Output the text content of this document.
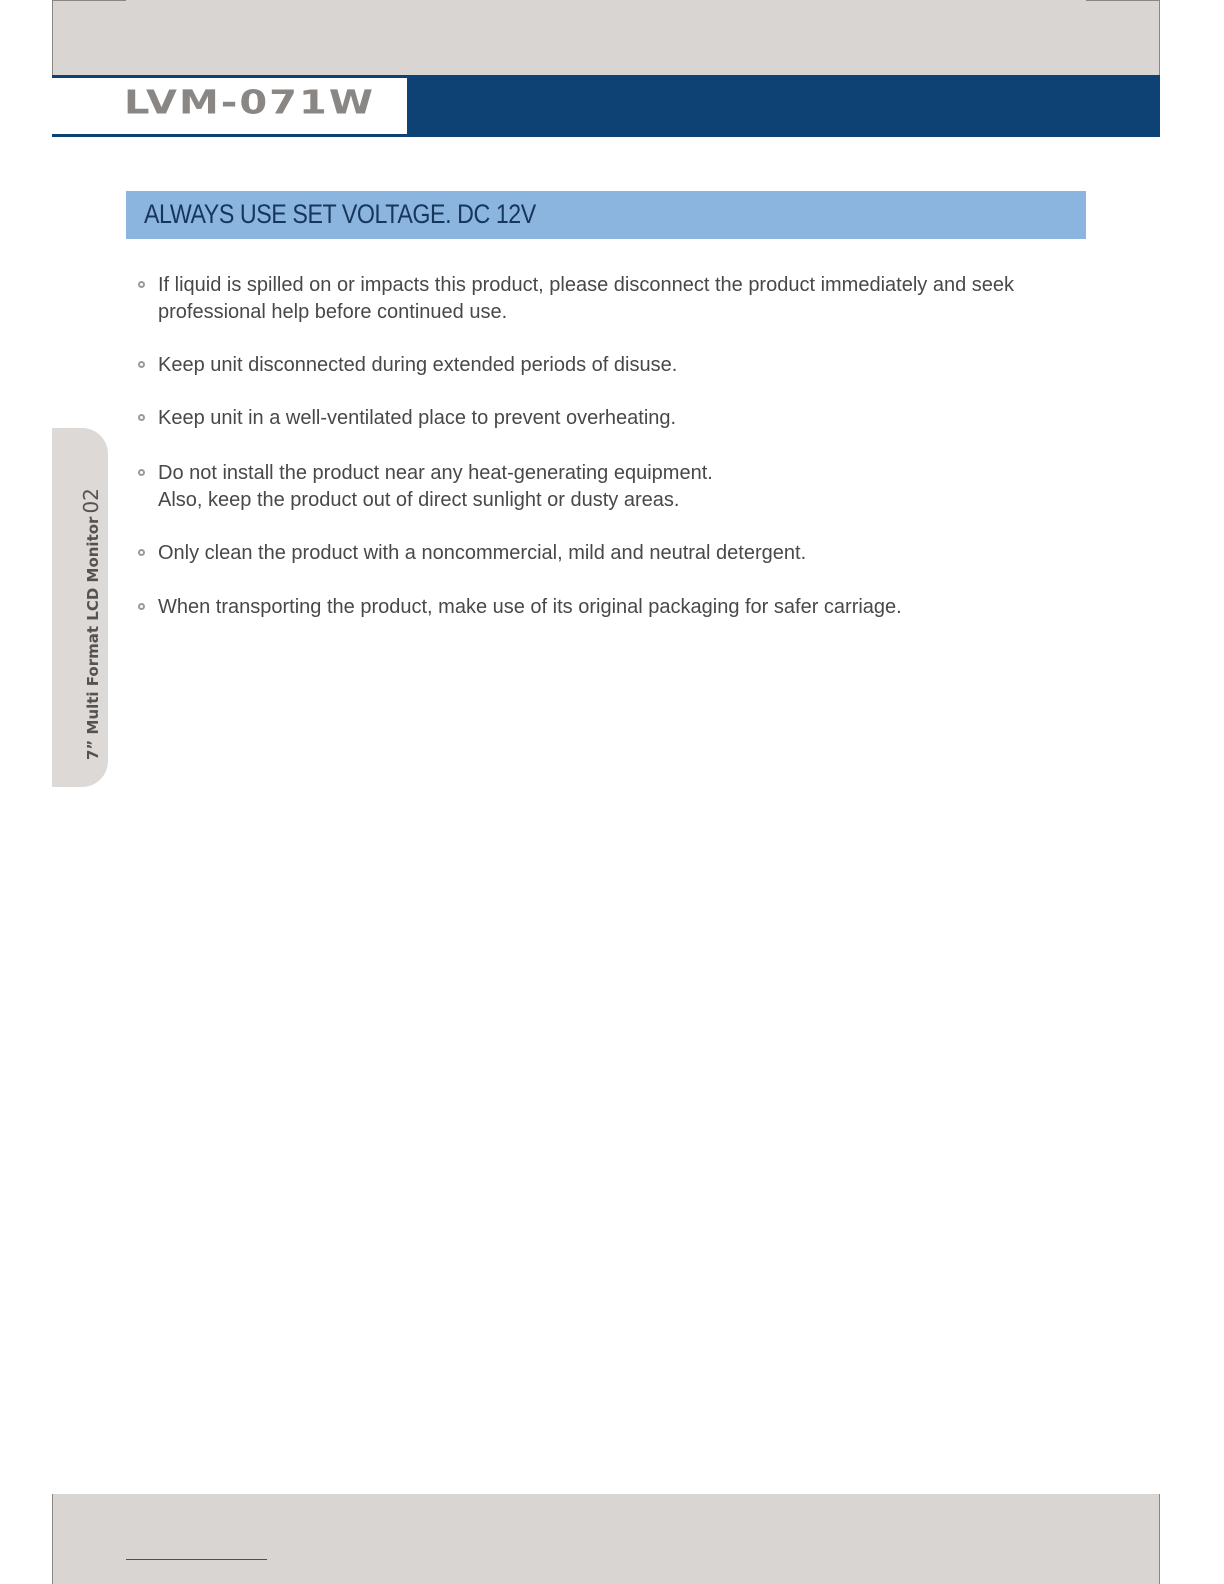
LVM-071W
7” Multi Format LCD Monitor02
ALWAYS USE SET VOLTAGE. DC 12V
If liquid is spilled on or impacts this product, please disconnect the product immediately and seek
professional help before continued use.
Keep unit disconnected during extended periods of disuse.
Keep unit in a well-ventilated place to prevent overheating.
Do not install the product near any heat-generating equipment.
Also, keep the product out of direct sunlight or dusty areas.
Only clean the product with a noncommercial, mild and neutral detergent.
When transporting the product, make use of its original packaging for safer carriage.
